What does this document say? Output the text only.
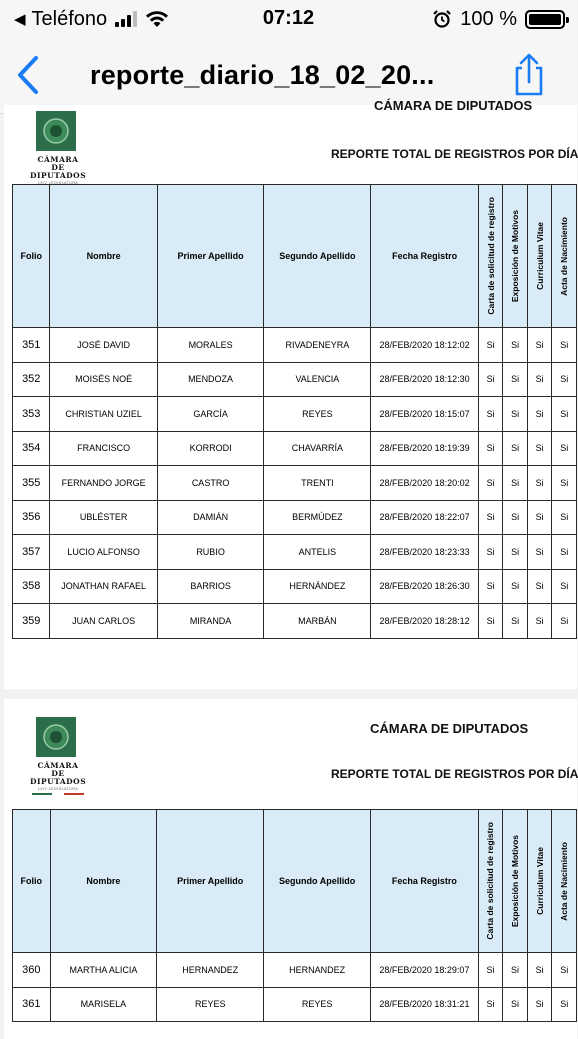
◀ Teléfono	07:12	100 %
reporte_diario_18_02_20...
CÁMARA DE DIPUTADOS
CÁMARA DE
DIPUTADOS
LXIV LEGISLATURA
REPORTE TOTAL DE REGISTROS POR DÍA
Folio	Nombre	Primer Apellido	Segundo Apellido	Fecha Registro	Carta de solicitud de registro	Exposición de Motivos	Curriculum Vitae	Acta de Nacimiento

351	JOSÉ DAVID	MORALES	RIVADENEYRA	28/FEB/2020 18:12:02	Si	Si	Si	Si
352	MOISÉS NOÉ	MENDOZA	VALENCIA	28/FEB/2020 18:12:30	Si	Si	Si	Si
353	CHRISTIAN UZIEL	GARCÍA	REYES	28/FEB/2020 18:15:07	Si	Si	Si	Si
354	FRANCISCO	KORRODI	CHAVARRÍA	28/FEB/2020 18:19:39	Si	Si	Si	Si
355	FERNANDO JORGE	CASTRO	TRENTI	28/FEB/2020 18:20:02	Si	Si	Si	Si
356	UBLÉSTER	DAMIÁN	BERMÚDEZ	28/FEB/2020 18:22:07	Si	Si	Si	Si
357	LUCIO ALFONSO	RUBIO	ANTELIS	28/FEB/2020 18:23:33	Si	Si	Si	Si
358	JONATHAN RAFAEL	BARRIOS	HERNÁNDEZ	28/FEB/2020 18:26:30	Si	Si	Si	Si
359	JUAN CARLOS	MIRANDA	MARBÁN	28/FEB/2020 18:28:12	Si	Si	Si	Si
CÁMARA DE
DIPUTADOS
LXIV LEGISLATURA
CÁMARA DE DIPUTADOS
REPORTE TOTAL DE REGISTROS POR DÍA
Folio	Nombre	Primer Apellido	Segundo Apellido	Fecha Registro	Carta de solicitud de registro	Exposición de Motivos	Curriculum Vitae	Acta de Nacimiento

360	MARTHA ALICIA	HERNANDEZ	HERNANDEZ	28/FEB/2020 18:29:07	Si	Si	Si	Si
361	MARISELA	REYES	REYES	28/FEB/2020 18:31:21	Si	Si	Si	Si
